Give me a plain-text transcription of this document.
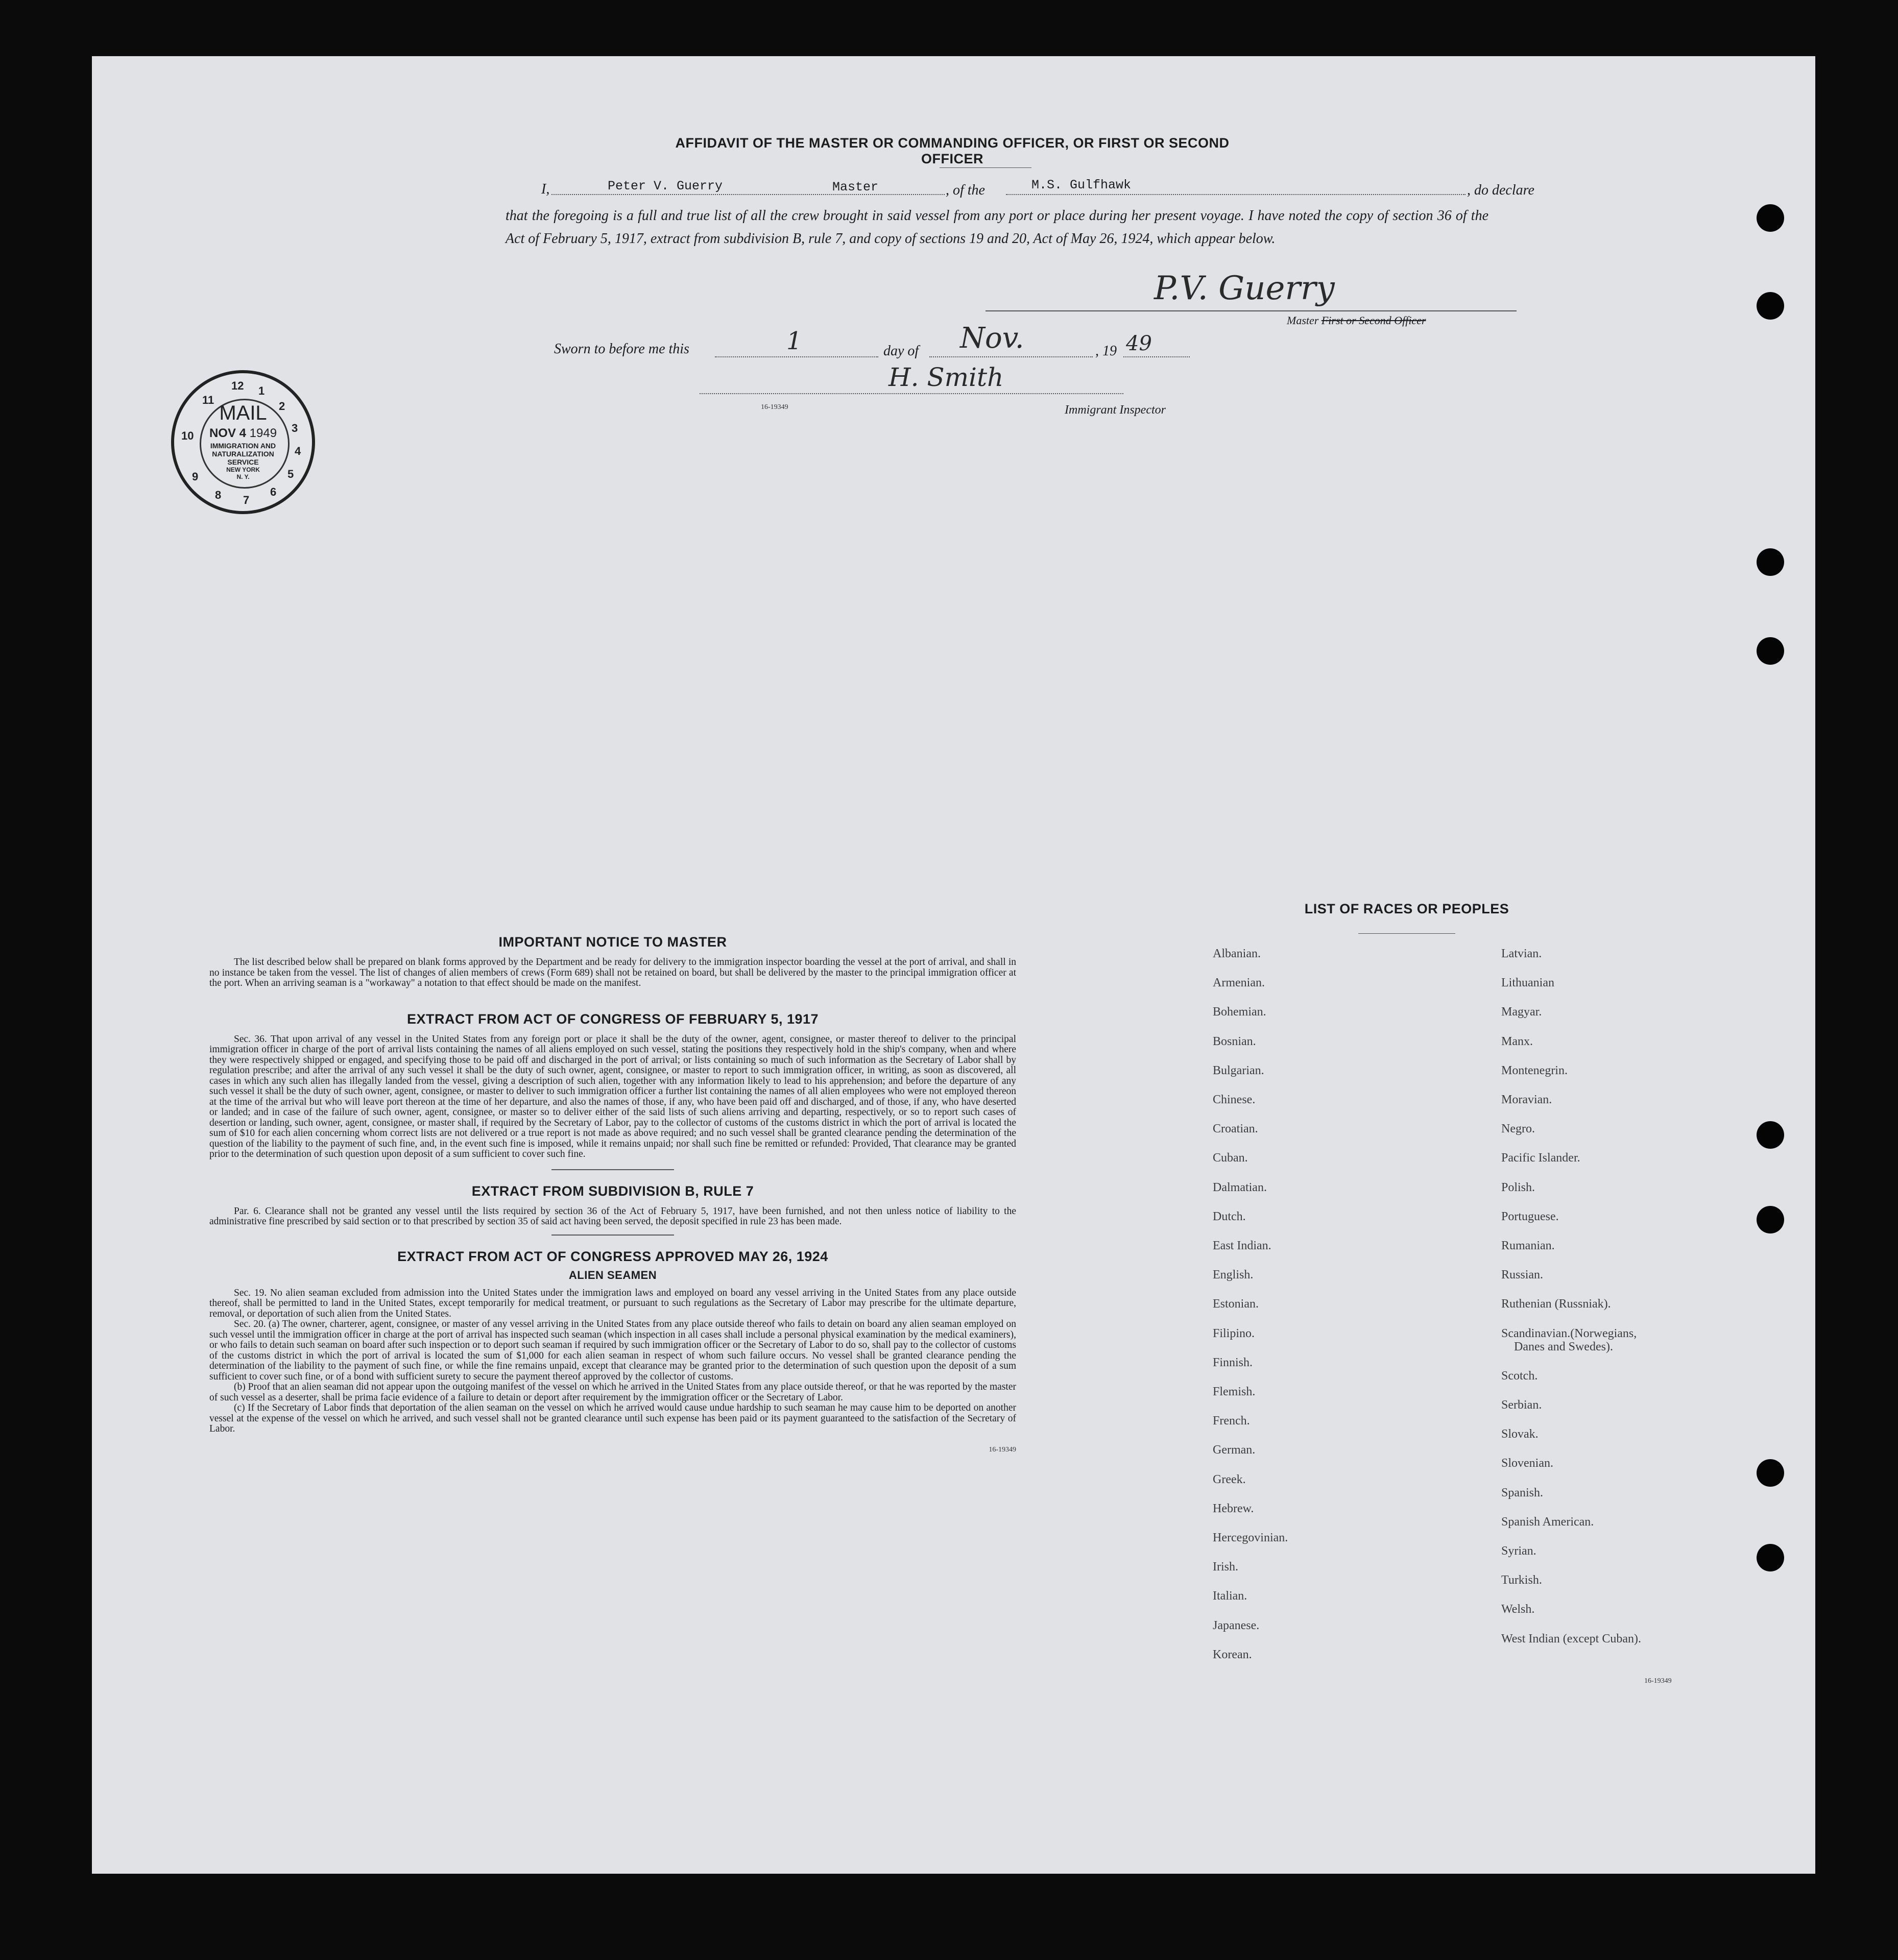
AFFIDAVIT OF THE MASTER OR COMMANDING OFFICER, OR FIRST OR SECOND OFFICER
I,	Peter V. Guerry	Master	, of the	M.S. Gulfhawk	, do declare
that the foregoing is a full and true list of all the crew brought in said vessel from any port or place during her present voyage. I have noted the copy of section 36 of the Act of February 5, 1917, extract from subdivision B, rule 7, and copy of sections 19 and 20, Act of May 26, 1924, which appear below.
P.V. Guerry
Master First or Second Officer
Sworn to before me this	1	day of Nov.	, 19 49
H. Smith
16-19349	Immigrant Inspector
12 1
2
3
4
5
6
7
8
9
10
11
MAIL
NOV 4 1949
IMMIGRATION AND
NATURALIZATION
SERVICE
NEW YORK
N. Y.
IMPORTANT NOTICE TO MASTER

The list described below shall be prepared on blank forms approved by the Department and be ready for delivery to the immigration inspector boarding the vessel at the port of arrival, and shall in no instance be taken from the vessel. The list of changes of alien members of crews (Form 689) shall not be retained on board, but shall be delivered by the master to the principal immigration officer at the port. When an arriving seaman is a "workaway" a notation to that effect should be made on the manifest.

EXTRACT FROM ACT OF CONGRESS OF FEBRUARY 5, 1917

Sec. 36. That upon arrival of any vessel in the United States from any foreign port or place it shall be the duty of the owner, agent, consignee, or master thereof to deliver to the principal immigration officer in charge of the port of arrival lists containing the names of all aliens employed on such vessel, stating the positions they respectively hold in the ship's company, when and where they were respectively shipped or engaged, and specifying those to be paid off and discharged in the port of arrival; or lists containing so much of such information as the Secretary of Labor shall by regulation prescribe; and after the arrival of any such vessel it shall be the duty of such owner, agent, consignee, or master to report to such immigration officer, in writing, as soon as discovered, all cases in which any such alien has illegally landed from the vessel, giving a description of such alien, together with any information likely to lead to his apprehension; and before the departure of any such vessel it shall be the duty of such owner, agent, consignee, or master to deliver to such immigration officer a further list containing the names of all alien employees who were not employed thereon at the time of the arrival but who will leave port thereon at the time of her departure, and also the names of those, if any, who have been paid off and discharged, and of those, if any, who have deserted or landed; and in case of the failure of such owner, agent, consignee, or master so to deliver either of the said lists of such aliens arriving and departing, respectively, or so to report such cases of desertion or landing, such owner, agent, consignee, or master shall, if required by the Secretary of Labor, pay to the collector of customs of the customs district in which the port of arrival is located the sum of $10 for each alien concerning whom correct lists are not delivered or a true report is not made as above required; and no such vessel shall be granted clearance pending the determination of the question of the liability to the payment of such fine, and, in the event such fine is imposed, while it remains unpaid; nor shall such fine be remitted or refunded: Provided, That clearance may be granted prior to the determination of such question upon deposit of a sum sufficient to cover such fine.

EXTRACT FROM SUBDIVISION B, RULE 7

Par. 6. Clearance shall not be granted any vessel until the lists required by section 36 of the Act of February 5, 1917, have been furnished, and not then unless notice of liability to the administrative fine prescribed by said section or to that prescribed by section 35 of said act having been served, the deposit specified in rule 23 has been made.

EXTRACT FROM ACT OF CONGRESS APPROVED MAY 26, 1924
ALIEN SEAMEN

Sec. 19. No alien seaman excluded from admission into the United States under the immigration laws and employed on board any vessel arriving in the United States from any place outside thereof, shall be permitted to land in the United States, except temporarily for medical treatment, or pursuant to such regulations as the Secretary of Labor may prescribe for the ultimate departure, removal, or deportation of such alien from the United States.

Sec. 20. (a) The owner, charterer, agent, consignee, or master of any vessel arriving in the United States from any place outside thereof who fails to detain on board any alien seaman employed on such vessel until the immigration officer in charge at the port of arrival has inspected such seaman (which inspection in all cases shall include a personal physical examination by the medical examiners), or who fails to detain such seaman on board after such inspection or to deport such seaman if required by such immigration officer or the Secretary of Labor to do so, shall pay to the collector of customs of the customs district in which the port of arrival is located the sum of $1,000 for each alien seaman in respect of whom such failure occurs. No vessel shall be granted clearance pending the determination of the liability to the payment of such fine, or while the fine remains unpaid, except that clearance may be granted prior to the determination of such question upon the deposit of a sum sufficient to cover such fine, or of a bond with sufficient surety to secure the payment thereof approved by the collector of customs.

(b) Proof that an alien seaman did not appear upon the outgoing manifest of the vessel on which he arrived in the United States from any place outside thereof, or that he was reported by the master of such vessel as a deserter, shall be prima facie evidence of a failure to detain or deport after requirement by the immigration officer or the Secretary of Labor.

(c) If the Secretary of Labor finds that deportation of the alien seaman on the vessel on which he arrived would cause undue hardship to such seaman he may cause him to be deported on another vessel at the expense of the vessel on which he arrived, and such vessel shall not be granted clearance until such expense has been paid or its payment guaranteed to the satisfaction of the Secretary of Labor.

16-19349
LIST OF RACES OR PEOPLES
Albanian.
Armenian.
Bohemian.
Bosnian.
Bulgarian.
Chinese.
Croatian.
Cuban.
Dalmatian.
Dutch.
East Indian.
English.
Estonian.
Filipino.
Finnish.
Flemish.
French.
German.
Greek.
Hebrew.
Hercegovinian.
Irish.
Italian.
Japanese.
Korean.
Latvian.
Lithuanian
Magyar.
Manx.
Montenegrin.
Moravian.
Negro.
Pacific Islander.
Polish.
Portuguese.
Rumanian.
Russian.
Ruthenian (Russniak).
Scandinavian.(Norwegians,
Danes and Swedes).
Scotch.
Serbian.
Slovak.
Slovenian.
Spanish.
Spanish American.
Syrian.
Turkish.
Welsh.
West Indian (except Cuban).
16-19349
